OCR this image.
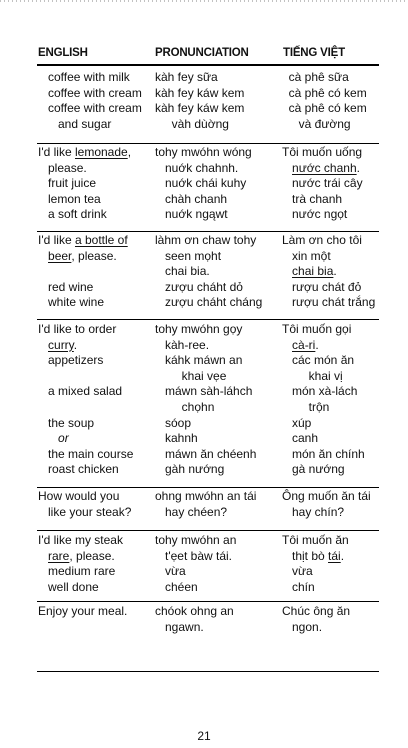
ENGLISH	PRONUNCIATION	TIẾNG VIỆT
coffee with milk
coffee with cream
coffee with cream
and sugar
kàh fey sữa
kàh fey káw kem
kàh fey káw kem
vàh dùờng
cà phê sữa
cà phê có kem
cà phê có kem
và đường
I'd like lemonade,
please.
fruit juice
lemon tea
a soft drink
tohy mwóhn wóng
nuớk chahnh.
nuớk chái kuhy
chàh chanh
nuớk ngąwt
Tôi muốn uống
nước chanh.
nước trái cây
trà chanh
nước ngọt
I'd like a bottle of
beer, please.
red wine
white wine
làhm ơn chaw tohy
seen mọht
chai bia.
zượu cháht dỏ
zượu cháht cháng
Làm ơn cho tôi
xin một
chai bia.
rượu chát đỏ
rượu chát trắng
I'd like to order
curry.
appetizers
a mixed salad
the soup
or
the main course
roast chicken
tohy mwóhn gọy
kàh-ree.
káhk máwn an
khai vẹe
máwn sàh-láhch
chọhn
sóop
kahnh
máwn ăn chéenh
gàh nướng
Tôi muốn gọi
cà-ri.
các món ăn
khai vị
món xà-lách
trộn
xúp
canh
món ăn chính
gà nướng
How would you
like your steak?
ohng mwóhn an tái
hay chéen?
Ông muốn ăn tái
hay chín?
I'd like my steak
rare, please.
medium rare
well done
tohy mwóhn an
t'ẹet bàw tái.
vừa
chéen
Tôi muốn ăn
thịt bò tái.
vừa
chín
Enjoy your meal. chóok ohng an
ngawn.
Chúc ông ăn
ngon.
21
